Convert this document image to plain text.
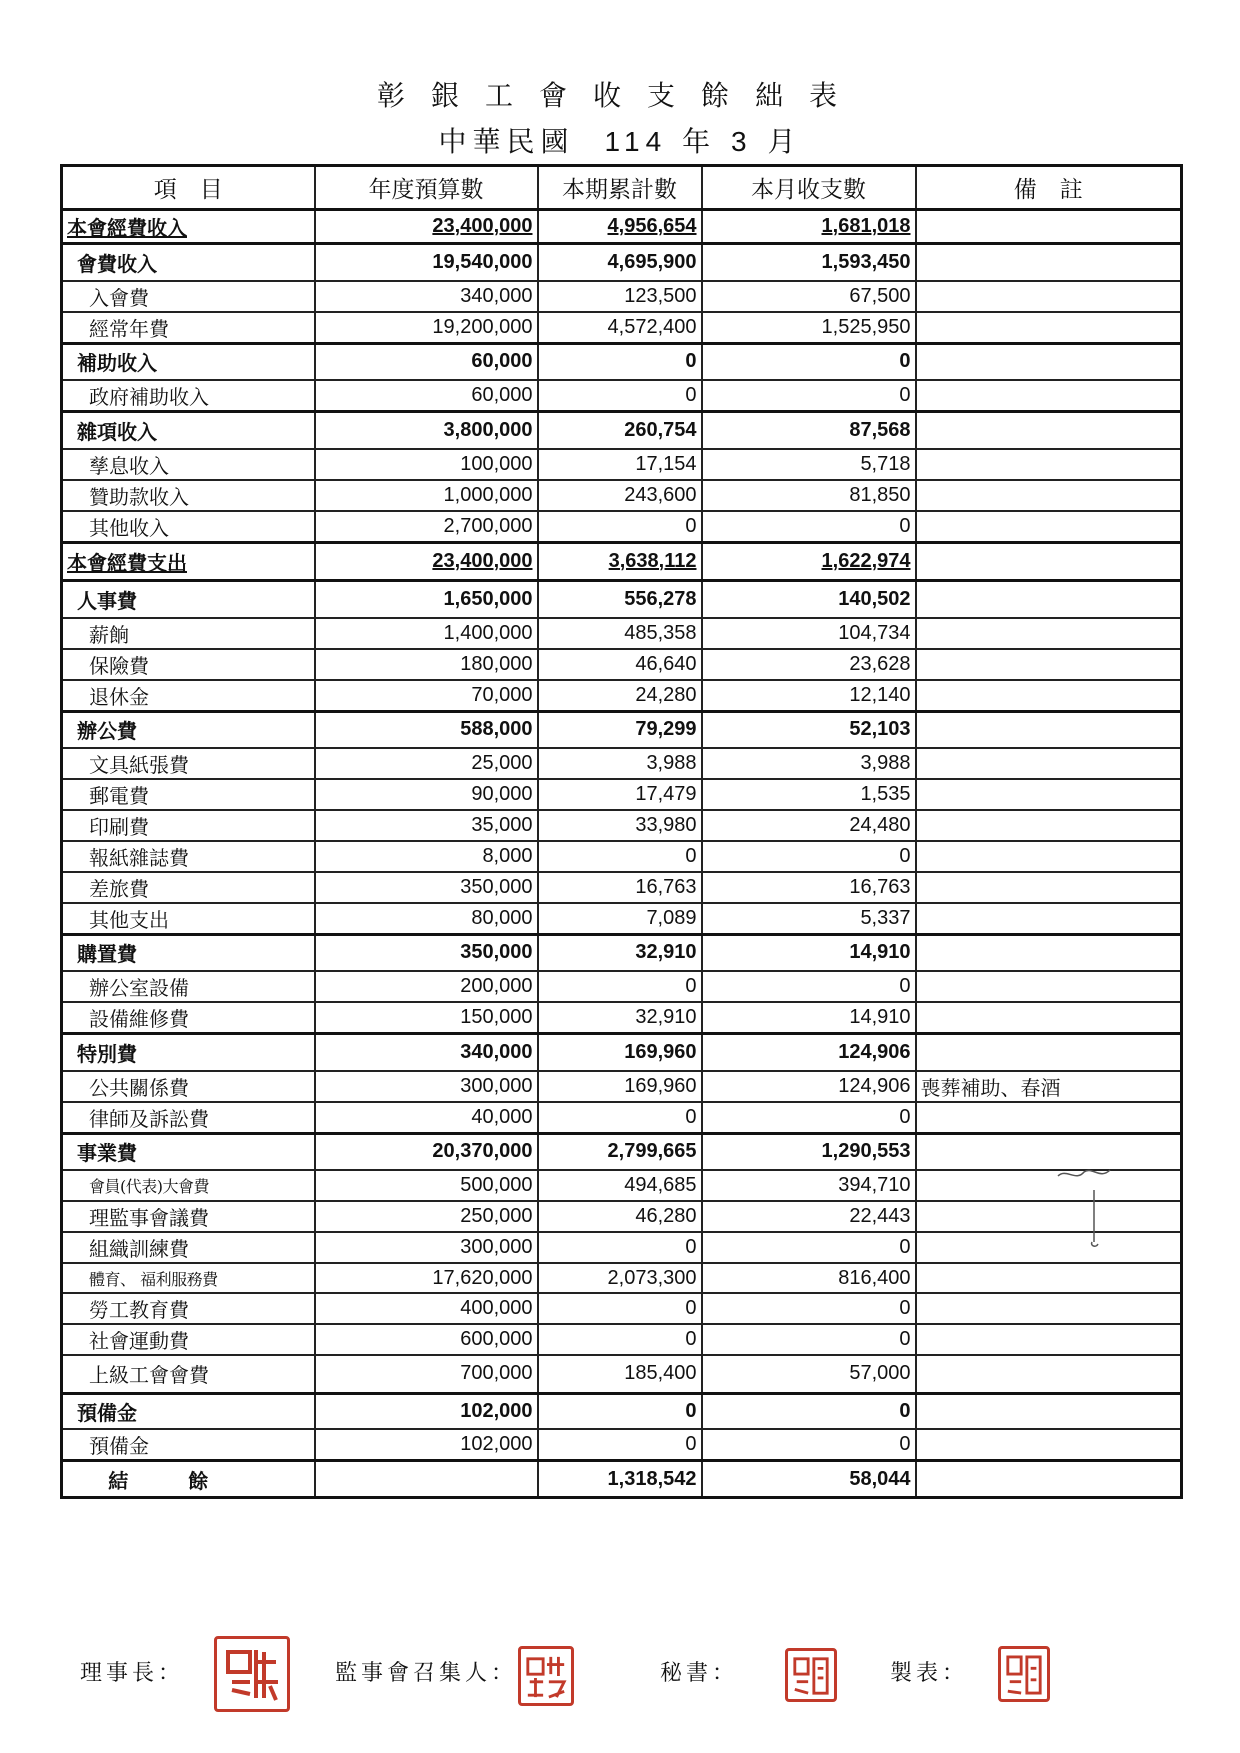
彰銀工會收支餘絀表
中華民國 114 年 3 月
項　目	年度預算數	本期累計數	本月收支數	備　註
本會經費收入	23,400,000	4,956,654	1,681,018	
會費收入	19,540,000	4,695,900	1,593,450	
入會費	340,000	123,500	67,500	
經常年費	19,200,000	4,572,400	1,525,950	
補助收入	60,000	0	0	
政府補助收入	60,000	0	0	
雜項收入	3,800,000	260,754	87,568	
孳息收入	100,000	17,154	5,718	
贊助款收入	1,000,000	243,600	81,850	
其他收入	2,700,000	0	0	
本會經費支出	23,400,000	3,638,112	1,622,974	
人事費	1,650,000	556,278	140,502	
薪餉	1,400,000	485,358	104,734	
保險費	180,000	46,640	23,628	
退休金	70,000	24,280	12,140	
辦公費	588,000	79,299	52,103	
文具紙張費	25,000	3,988	3,988	
郵電費	90,000	17,479	1,535	
印刷費	35,000	33,980	24,480	
報紙雜誌費	8,000	0	0	
差旅費	350,000	16,763	16,763	
其他支出	80,000	7,089	5,337	
購置費	350,000	32,910	14,910	
辦公室設備	200,000	0	0	
設備維修費	150,000	32,910	14,910	
特別費	340,000	169,960	124,906	
公共關係費	300,000	169,960	124,906	喪葬補助、春酒
律師及訴訟費	40,000	0	0	
事業費	20,370,000	2,799,665	1,290,553	
會員(代表)大會費	500,000	494,685	394,710	
理監事會議費	250,000	46,280	22,443	
組織訓練費	300,000	0	0	
體育、 福利服務費	17,620,000	2,073,300	816,400	
勞工教育費	400,000	0	0	
社會運動費	600,000	0	0	
上級工會會費	700,000	185,400	57,000	
預備金	102,000	0	0	
預備金	102,000	0	0	
結餘		1,318,542	58,044	
理事長：	監事會召集人：	秘書：	製表：
